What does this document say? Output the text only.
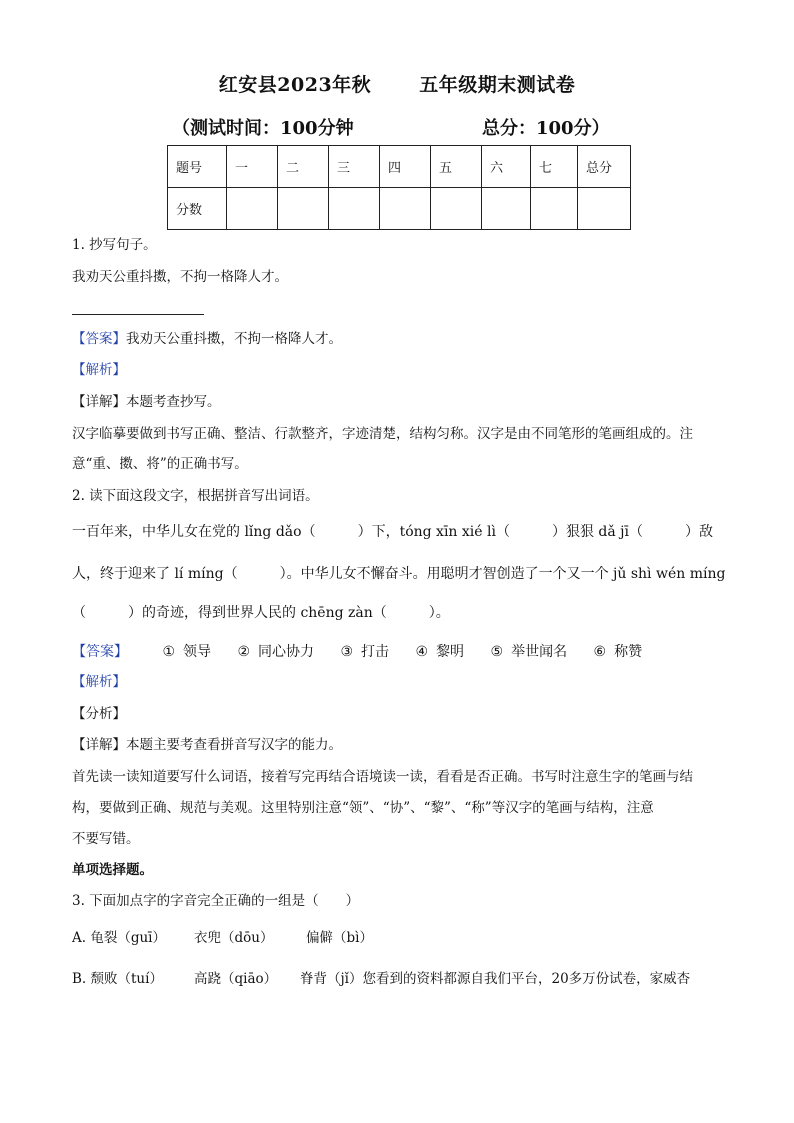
红安县2023年秋	五年级期末测试卷
（测试时间：100分钟	总分：100分）
题号	一	二	三	四	五	六	七	总分
分数								
1. 抄写句子。
我劝天公重抖擞，不拘一格降人才。
【答案】我劝天公重抖擞，不拘一格降人才。
【解析】
【详解】本题考查抄写。
汉字临摹要做到书写正确、整洁、行款整齐，字迹清楚，结构匀称。汉字是由不同笔形的笔画组成的。注
意“重、擞、将”的正确书写。
2. 读下面这段文字，根据拼音写出词语。
一百年来，中华儿女在党的 lǐng dǎo（　　　）下，tóng xīn xié lì（　　　）狠狠 dǎ jī（　　　）敌
人，终于迎来了 lí míng（　　　）。中华儿女不懈奋斗。用聪明才智创造了一个又一个 jǔ shì wén míng
（　　　）的奇迹，得到世界人民的 chēng zàn（　　　）。
【答案】 ① 领导 ② 同心协力 ③ 打击 ④ 黎明 ⑤ 举世闻名 ⑥ 称赞
【解析】
【分析】
【详解】本题主要考查看拼音写汉字的能力。
首先读一读知道要写什么词语，接着写完再结合语境读一读，看看是否正确。书写时注意生字的笔画与结
构，要做到正确、规范与美观。这里特别注意“领”、“协”、“黎”、“称”等汉字的笔画与结构，注意
不要写错。
单项选择题。
3. 下面加点字的字音完全正确的一组是（　　）
A. 龟裂（guī） 衣兜（dōu） 偏僻（bì）
B. 颓败（tuí） 高跷（qiāo） 脊背（jǐ）您看到的资料都源自我们平台，20多万份试卷，家威杏
